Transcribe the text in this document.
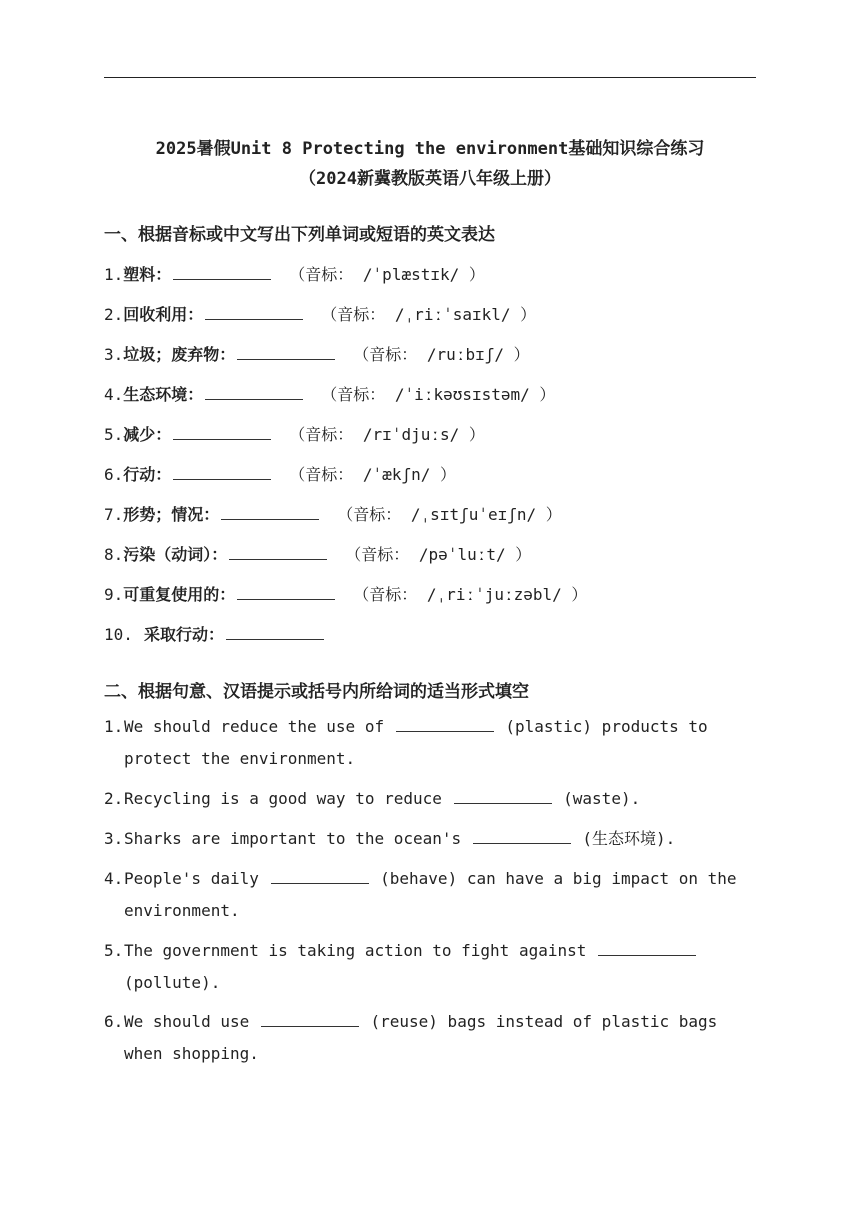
2025暑假Unit 8 Protecting the environment基础知识综合练习
（2024新冀教版英语八年级上册）
一、根据音标或中文写出下列单词或短语的英文表达
1.塑料：	（音标： /ˈplæstɪk/ ）
2.回收利用：	（音标： /ˌriːˈsaɪkl/ ）
3.垃圾；废弃物：	（音标： /ruːbɪʃ/ ）
4.生态环境：	（音标： /ˈiːkəʊsɪstəm/ ）
5.减少：	（音标： /rɪˈdjuːs/ ）
6.行动：	（音标： /ˈækʃn/ ）
7.形势；情况：	（音标： /ˌsɪtʃuˈeɪʃn/ ）
8.污染（动词）：	（音标： /pəˈluːt/ ）
9.可重复使用的：	（音标： /ˌriːˈjuːzəbl/ ）
10.  采取行动：
二、根据句意、汉语提示或括号内所给词的适当形式填空
1. We should reduce the use of	(plastic) products to protect the environment.
2. Recycling is a good way to reduce	(waste).
3. Sharks are important to the ocean's	(生态环境).
4. People's daily	(behave) can have a big impact on the environment.
5. The government is taking action to fight against  (pollute).
6. We should use	(reuse) bags instead of plastic bags when shopping.
